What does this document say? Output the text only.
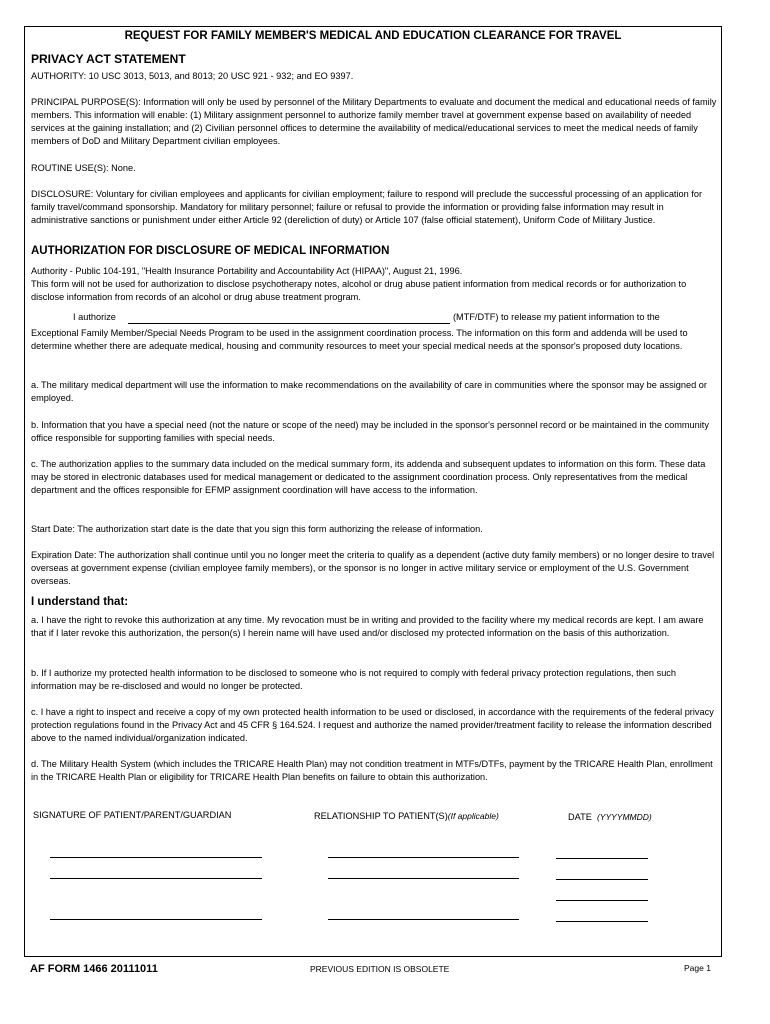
REQUEST FOR FAMILY MEMBER'S MEDICAL AND EDUCATION CLEARANCE FOR TRAVEL
PRIVACY ACT STATEMENT
AUTHORITY: 10 USC 3013, 5013, and 8013; 20 USC 921 - 932; and EO 9397.
PRINCIPAL PURPOSE(S): Information will only be used by personnel of the Military Departments to evaluate and document the medical and educational needs of family members. This information will enable: (1) Military assignment personnel to authorize family member travel at government expense based on availability of needed services at the gaining installation; and (2) Civilian personnel offices to determine the availability of medical/educational services to meet the medical needs of family members of DoD and Military Department civilian employees.
ROUTINE USE(S): None.
DISCLOSURE: Voluntary for civilian employees and applicants for civilian employment; failure to respond will preclude the successful processing of an application for family travel/command sponsorship. Mandatory for military personnel; failure or refusal to provide the information or providing false information may result in administrative sanctions or punishment under either Article 92 (dereliction of duty) or Article 107 (false official statement), Uniform Code of Military Justice.
AUTHORIZATION FOR DISCLOSURE OF MEDICAL INFORMATION
Authority - Public 104-191, "Health Insurance Portability and Accountability Act (HIPAA)", August 21, 1996.
This form will not be used for authorization to disclose psychotherapy notes, alcohol or drug abuse patient information from medical records or for authorization to disclose information from records of an alcohol or drug abuse treatment program.
I authorize	(MTF/DTF) to release my patient information to the
Exceptional Family Member/Special Needs Program to be used in the assignment coordination process. The information on this form and addenda will be used to determine whether there are adequate medical, housing and community resources to meet your special medical needs at the sponsor's proposed duty locations.
a. The military medical department will use the information to make recommendations on the availability of care in communities where the sponsor may be assigned or employed.
b. Information that you have a special need (not the nature or scope of the need) may be included in the sponsor's personnel record or be maintained in the community office responsible for supporting families with special needs.
c. The authorization applies to the summary data included on the medical summary form, its addenda and subsequent updates to information on this form. These data may be stored in electronic databases used for medical management or dedicated to the assignment coordination process. Only representatives from the medical department and the offices responsible for EFMP assignment coordination will have access to the information.
Start Date: The authorization start date is the date that you sign this form authorizing the release of information.
Expiration Date: The authorization shall continue until you no longer meet the criteria to qualify as a dependent (active duty family members) or no longer desire to travel overseas at government expense (civilian employee family members), or the sponsor is no longer in active military service or employment of the U.S. Government overseas.
I understand that:
a. I have the right to revoke this authorization at any time. My revocation must be in writing and provided to the facility where my medical records are kept. I am aware that if I later revoke this authorization, the person(s) I herein name will have used and/or disclosed my protected information on the basis of this authorization.
b. If I authorize my protected health information to be disclosed to someone who is not required to comply with federal privacy protection regulations, then such information may be re-disclosed and would no longer be protected.
c. I have a right to inspect and receive a copy of my own protected health information to be used or disclosed, in accordance with the requirements of the federal privacy protection regulations found in the Privacy Act and 45 CFR § 164.524. I request and authorize the named provider/treatment facility to release the information described above to the named individual/organization indicated.
d. The Military Health System (which includes the TRICARE Health Plan) may not condition treatment in MTFs/DTFs, payment by the TRICARE Health Plan, enrollment in the TRICARE Health Plan or eligibility for TRICARE Health Plan benefits on failure to obtain this authorization.
SIGNATURE OF PATIENT/PARENT/GUARDIAN	RELATIONSHIP TO PATIENT(S)(If applicable)	DATE (YYYYMMDD)
AF FORM 1466 20111011	PREVIOUS EDITION IS OBSOLETE	Page 1
